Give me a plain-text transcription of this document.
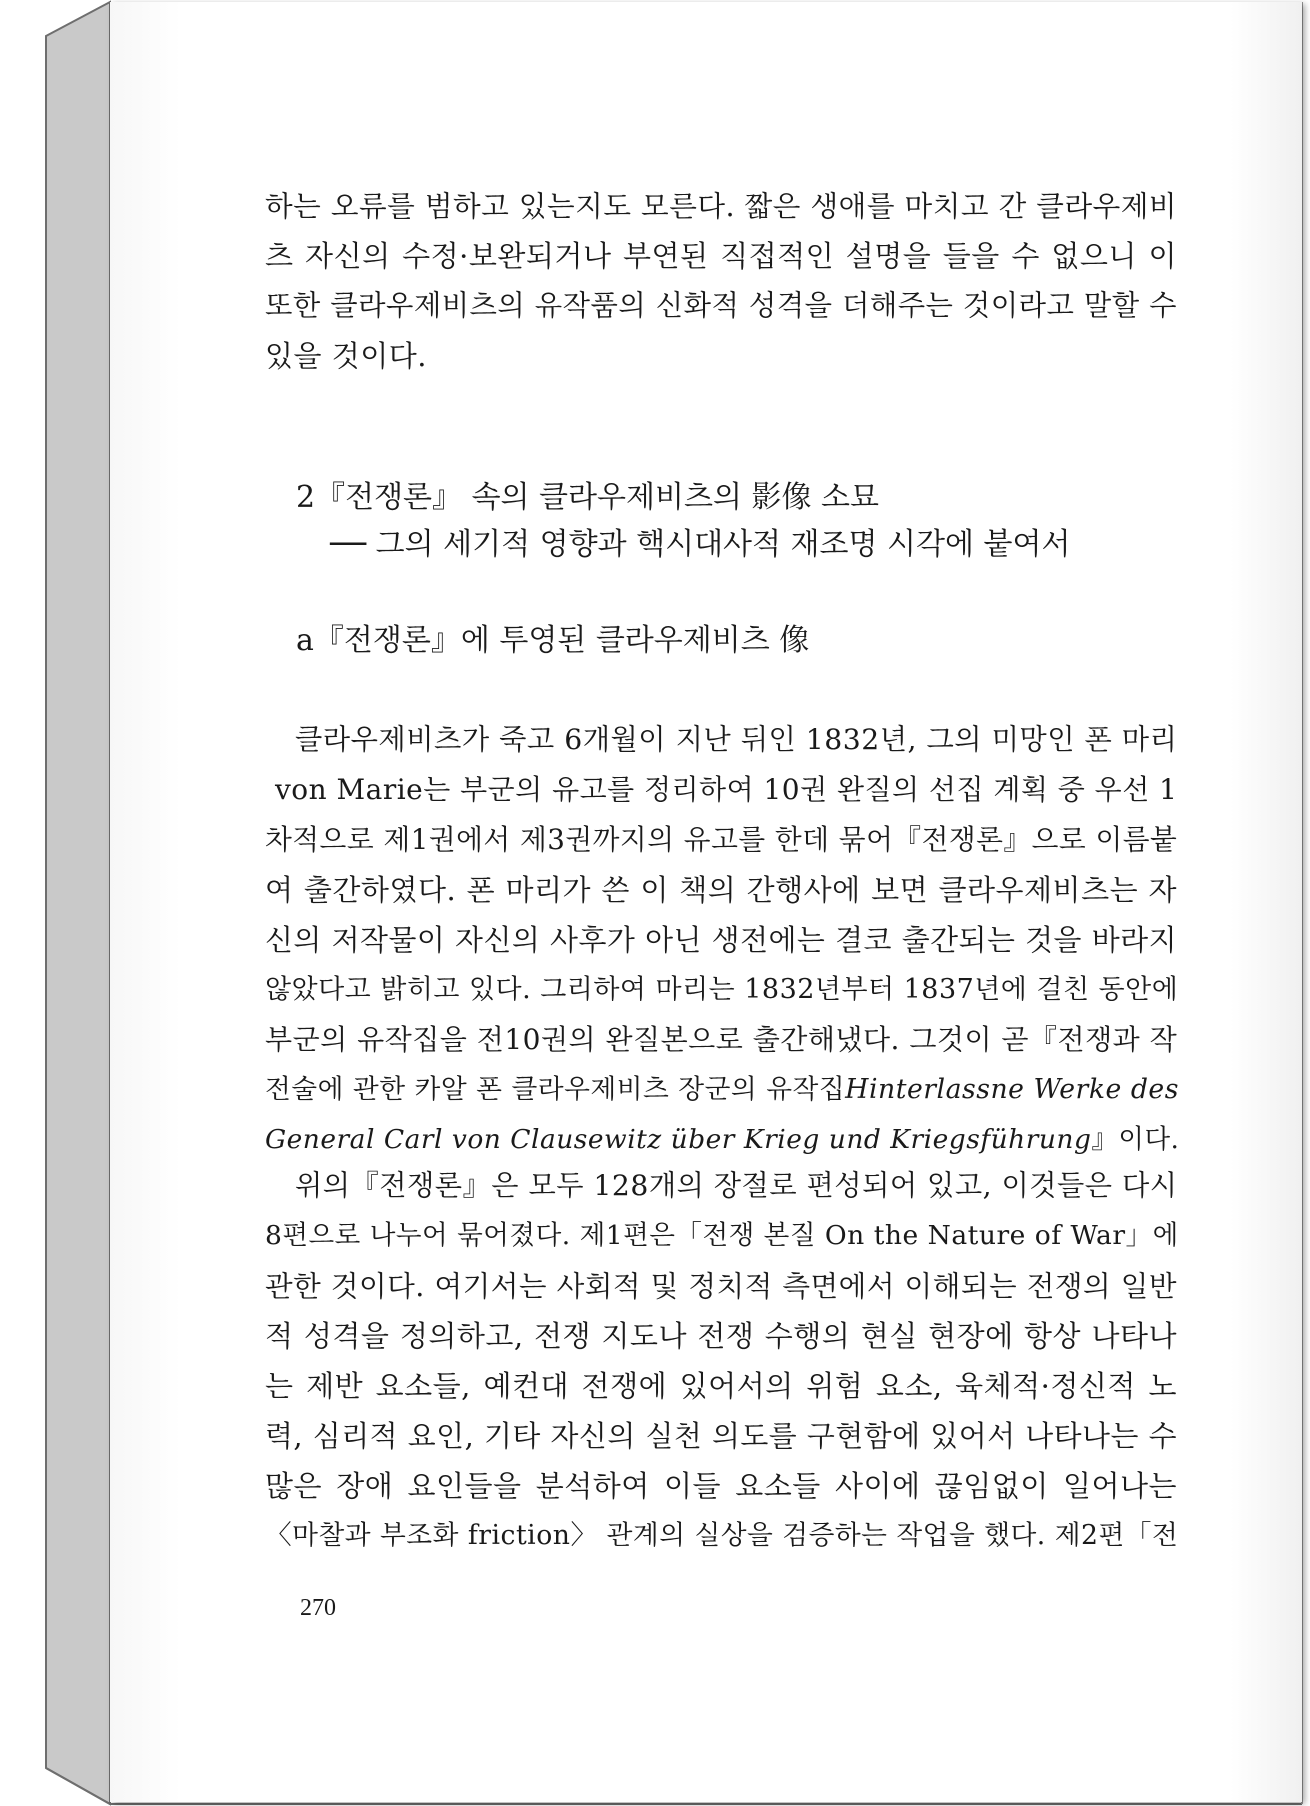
하는 오류를 범하고 있는지도 모른다. 짧은 생애를 마치고 간 클라우제비
츠 자신의 수정·보완되거나 부연된 직접적인 설명을 들을 수 없으니 이
또한 클라우제비츠의 유작품의 신화적 성격을 더해주는 것이라고 말할 수
있을 것이다.
2『전쟁론』 속의 클라우제비츠의 影像 소묘
── 그의 세기적 영향과 핵시대사적 재조명 시각에 붙여서
a『전쟁론』에 투영된 클라우제비츠 像
클라우제비츠가 죽고 6개월이 지난 뒤인 1832년, 그의 미망인 폰 마리
von Marie는 부군의 유고를 정리하여 10권 완질의 선집 계획 중 우선 1
차적으로 제1권에서 제3권까지의 유고를 한데 묶어『전쟁론』으로 이름붙
여 출간하였다. 폰 마리가 쓴 이 책의 간행사에 보면 클라우제비츠는 자
신의 저작물이 자신의 사후가 아닌 생전에는 결코 출간되는 것을 바라지
않았다고 밝히고 있다. 그리하여 마리는 1832년부터 1837년에 걸친 동안에
부군의 유작집을 전10권의 완질본으로 출간해냈다. 그것이 곧『전쟁과 작
전술에 관한 카알 폰 클라우제비츠 장군의 유작집Hinterlassne Werke des
General Carl von Clausewitz über Krieg und Kriegsführung』이다.
위의『전쟁론』은 모두 128개의 장절로 편성되어 있고, 이것들은 다시
8편으로 나누어 묶어졌다. 제1편은「전쟁 본질 On the Nature of War」에
관한 것이다. 여기서는 사회적 및 정치적 측면에서 이해되는 전쟁의 일반
적 성격을 정의하고, 전쟁 지도나 전쟁 수행의 현실 현장에 항상 나타나
는 제반 요소들, 예컨대 전쟁에 있어서의 위험 요소, 육체적·정신적 노
력, 심리적 요인, 기타 자신의 실천 의도를 구현함에 있어서 나타나는 수
많은 장애 요인들을 분석하여 이들 요소들 사이에 끊임없이 일어나는
〈마찰과 부조화 friction〉 관계의 실상을 검증하는 작업을 했다. 제2편「전
270
